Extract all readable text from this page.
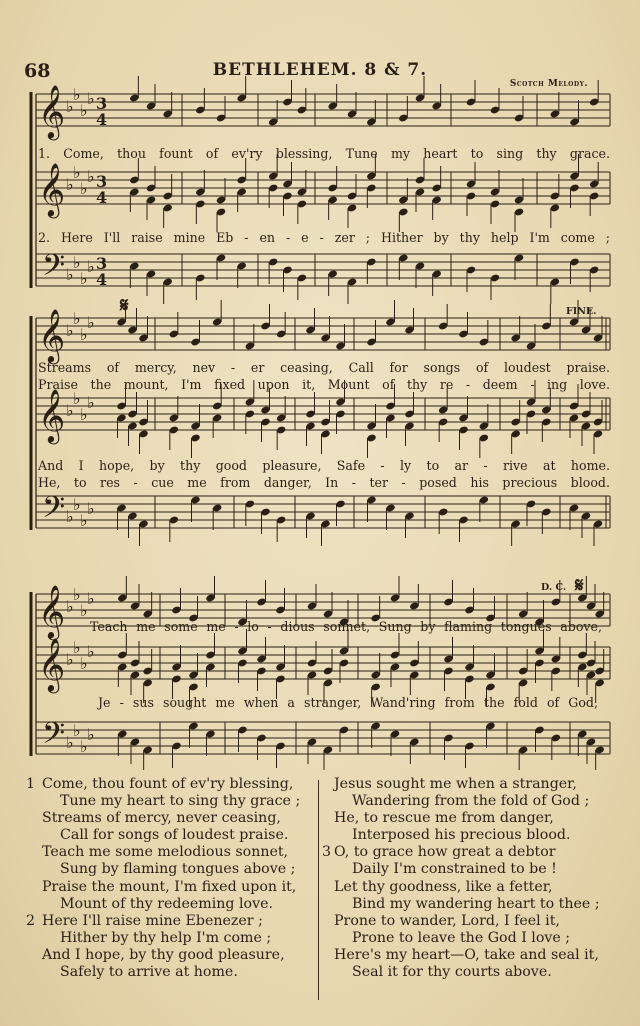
68	BETHLEHEM. 8 & 7.
Scotch Melody.
𝄞 ♭
♭
♭
♭ 3
4
𝄞 ♭
♭
♭
♭ 3
4
𝄢 ♭
♭
♭
♭ 3
4
𝄞 ♭
♭
♭
♭
𝄞 ♭
♭
♭
♭
𝄢 ♭
♭
♭
♭
𝄞 ♭
♭
♭
♭
𝄞 ♭
♭
♭
♭
𝄢 ♭
♭
♭
♭
𝄋
𝄋
1. Come, thou fount of ev'ry blessing, Tune my heart to sing thy grace.
2. Here I'll raise mine Eb - en - e - zer ; Hither by thy help I'm come ;
Streams of mercy, nev - er ceasing, Call for songs of loudest praise.
Praise the mount, I'm fixed upon it, Mount of thy re - deem - ing love.
And I hope, by thy good pleasure, Safe - ly to ar - rive at home.
He, to res - cue me from danger, In - ter - posed his precious blood.
Teach me some me - lo - dious sonnet, Sung by flaming tongues above,
Je - sus sought me when a stranger, Wand'ring from the fold of God,
FINE.
D. C.
1 Come, thou fount of ev'ry blessing,
Tune my heart to sing thy grace ;
Streams of mercy, never ceasing,
Call for songs of loudest praise.
Teach me some melodious sonnet,
Sung by flaming tongues above ;
Praise the mount, I'm fixed upon it,
Mount of thy redeeming love.
2 Here I'll raise mine Ebenezer ;
Hither by thy help I'm come ;
And I hope, by thy good pleasure,
Safely to arrive at home.
Jesus sought me when a stranger,
Wandering from the fold of God ;
He, to rescue me from danger,
Interposed his precious blood.
3 O, to grace how great a debtor
Daily I'm constrained to be !
Let thy goodness, like a fetter,
Bind my wandering heart to thee ;
Prone to wander, Lord, I feel it,
Prone to leave the God I love ;
Here's my heart—O, take and seal it,
Seal it for thy courts above.
